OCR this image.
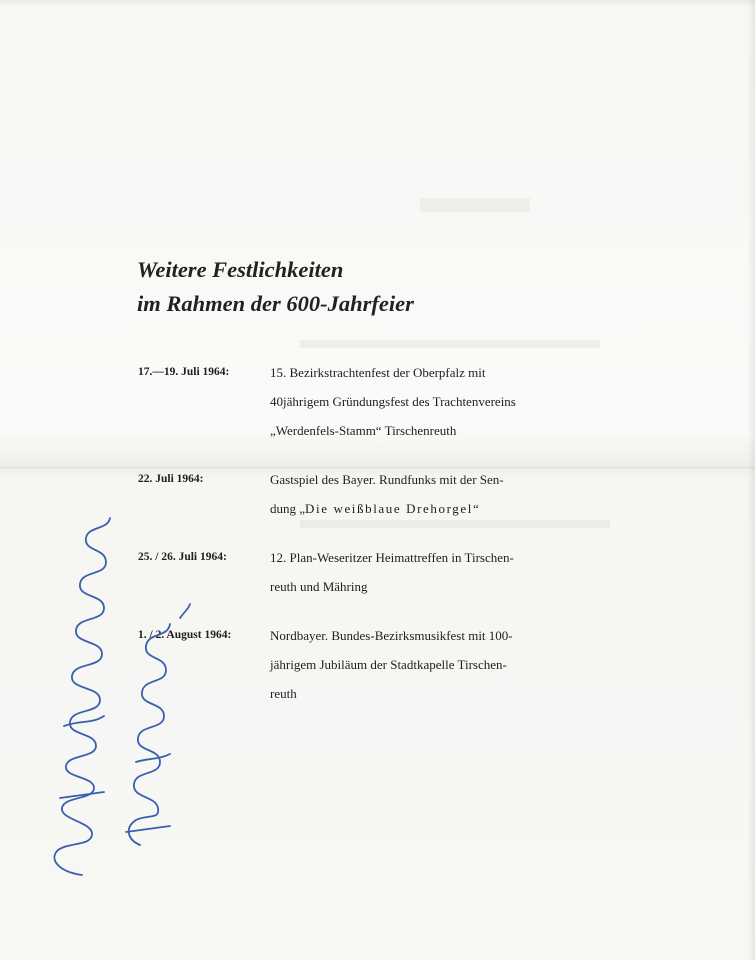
Weitere Festlichkeiten
im Rahmen der 600-Jahrfeier
17.—19. Juli 1964:	15. Bezirkstrachtenfest der Oberpfalz mit
40jährigem Gründungsfest des Trachtenvereins
„Werdenfels-Stamm“ Tirschenreuth
22. Juli 1964:	Gastspiel des Bayer. Rundfunks mit der Sen-
dung „Die weißblaue Drehorgel“
25. / 26. Juli 1964:	12. Plan-Weseritzer Heimattreffen in Tirschen-
reuth und Mähring
1. / 2. August 1964:	Nordbayer. Bundes-Bezirksmusikfest mit 100-
jährigem Jubiläum der Stadtkapelle Tirschen-
reuth
